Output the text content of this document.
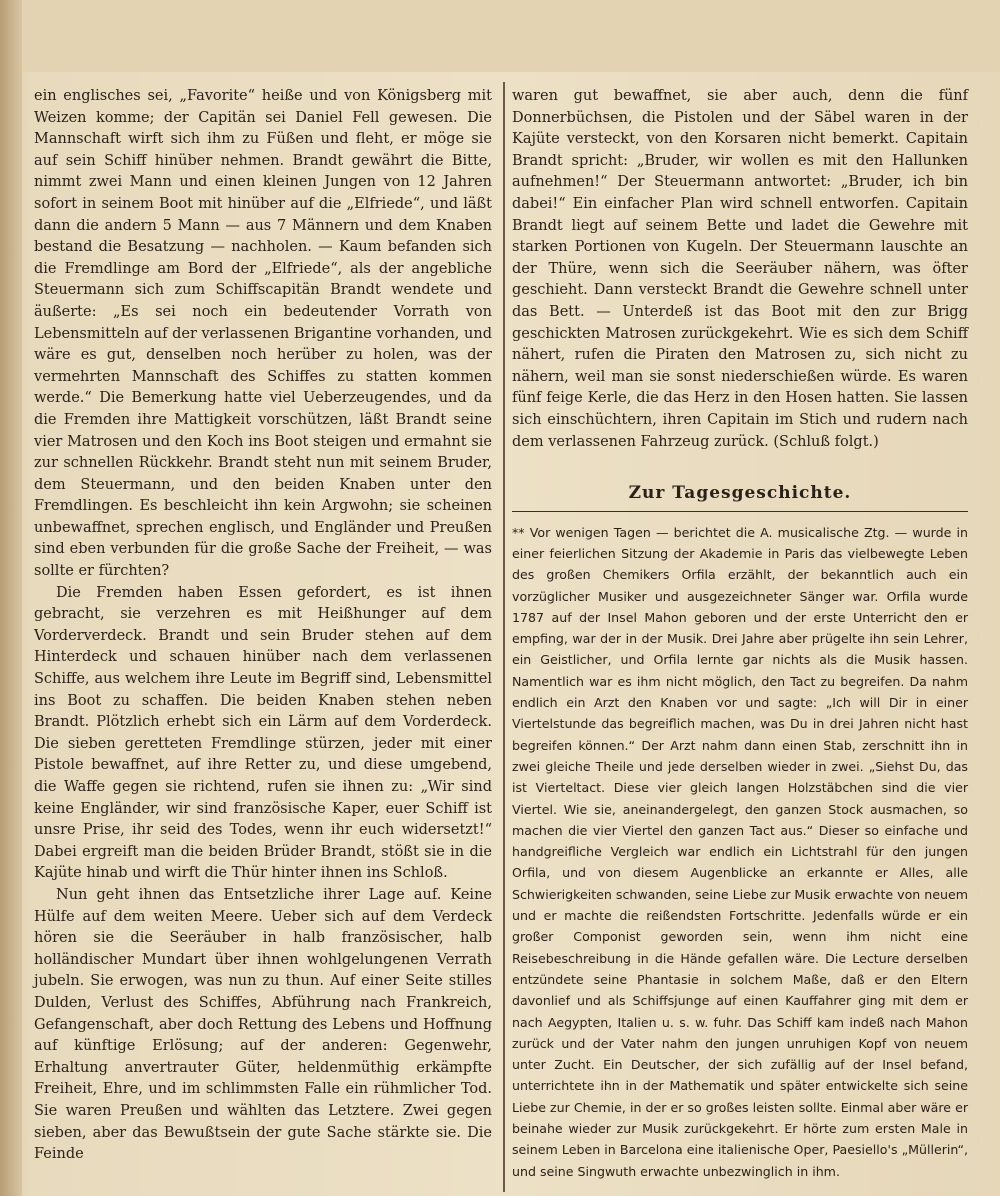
ein englisches sei, „Favorite“ heiße und von Königsberg mit Weizen komme; der Capitän sei Daniel Fell gewesen. Die Mannschaft wirft sich ihm zu Füßen und fleht, er möge sie auf sein Schiff hinüber nehmen. Brandt gewährt die Bitte, nimmt zwei Mann und einen kleinen Jungen von 12 Jahren sofort in seinem Boot mit hinüber auf die „Elfriede“, und läßt dann die andern 5 Mann — aus 7 Männern und dem Knaben bestand die Besatzung — nachholen. — Kaum befanden sich die Fremdlinge am Bord der „Elfriede“, als der angebliche Steuermann sich zum Schiffscapitän Brandt wendete und äußerte: „Es sei noch ein bedeutender Vorrath von Lebensmitteln auf der verlassenen Brigantine vorhanden, und wäre es gut, denselben noch herüber zu holen, was der vermehrten Mannschaft des Schiffes zu statten kommen werde.“ Die Bemerkung hatte viel Ueberzeugendes, und da die Fremden ihre Mattigkeit vorschützen, läßt Brandt seine vier Matrosen und den Koch ins Boot steigen und ermahnt sie zur schnellen Rückkehr. Brandt steht nun mit seinem Bruder, dem Steuermann, und den beiden Knaben unter den Fremdlingen. Es beschleicht ihn kein Argwohn; sie scheinen unbewaffnet, sprechen englisch, und Engländer und Preußen sind eben verbunden für die große Sache der Freiheit, — was sollte er fürchten?

Die Fremden haben Essen gefordert, es ist ihnen gebracht, sie verzehren es mit Heißhunger auf dem Vorderverdeck. Brandt und sein Bruder stehen auf dem Hinterdeck und schauen hinüber nach dem verlassenen Schiffe, aus welchem ihre Leute im Begriff sind, Lebensmittel ins Boot zu schaffen. Die beiden Knaben stehen neben Brandt. Plötzlich erhebt sich ein Lärm auf dem Vorderdeck. Die sieben geretteten Fremdlinge stürzen, jeder mit einer Pistole bewaffnet, auf ihre Retter zu, und diese umgebend, die Waffe gegen sie richtend, rufen sie ihnen zu: „Wir sind keine Engländer, wir sind französische Kaper, euer Schiff ist unsre Prise, ihr seid des Todes, wenn ihr euch widersetzt!“ Dabei ergreift man die beiden Brüder Brandt, stößt sie in die Kajüte hinab und wirft die Thür hinter ihnen ins Schloß.

Nun geht ihnen das Entsetzliche ihrer Lage auf. Keine Hülfe auf dem weiten Meere. Ueber sich auf dem Verdeck hören sie die Seeräuber in halb französischer, halb holländischer Mundart über ihnen wohlgelungenen Verrath jubeln. Sie erwogen, was nun zu thun. Auf einer Seite stilles Dulden, Verlust des Schiffes, Abführung nach Frankreich, Gefangenschaft, aber doch Rettung des Lebens und Hoffnung auf künftige Erlösung; auf der anderen: Gegenwehr, Erhaltung anvertrauter Güter, heldenmüthig erkämpfte Freiheit, Ehre, und im schlimmsten Falle ein rühmlicher Tod. Sie waren Preußen und wählten das Letztere. Zwei gegen sieben, aber das Bewußtsein der gute Sache stärkte sie. Die Feinde

waren gut bewaffnet, sie aber auch, denn die fünf Donnerbüchsen, die Pistolen und der Säbel waren in der Kajüte versteckt, von den Korsaren nicht bemerkt. Capitain Brandt spricht: „Bruder, wir wollen es mit den Hallunken aufnehmen!“ Der Steuermann antwortet: „Bruder, ich bin dabei!“ Ein einfacher Plan wird schnell entworfen. Capitain Brandt liegt auf seinem Bette und ladet die Gewehre mit starken Portionen von Kugeln. Der Steuermann lauschte an der Thüre, wenn sich die Seeräuber nähern, was öfter geschieht. Dann versteckt Brandt die Gewehre schnell unter das Bett. — Unterdeß ist das Boot mit den zur Brigg geschickten Matrosen zurückgekehrt. Wie es sich dem Schiff nähert, rufen die Piraten den Matrosen zu, sich nicht zu nähern, weil man sie sonst niederschießen würde. Es waren fünf feige Kerle, die das Herz in den Hosen hatten. Sie lassen sich einschüchtern, ihren Capitain im Stich und rudern nach dem verlassenen Fahrzeug zurück. (Schluß folgt.)

Zur Tagesgeschichte.

** Vor wenigen Tagen — berichtet die A. musicalische Ztg. — wurde in einer feierlichen Sitzung der Akademie in Paris das vielbewegte Leben des großen Chemikers Orfila erzählt, der bekanntlich auch ein vorzüglicher Musiker und ausgezeichneter Sänger war. Orfila wurde 1787 auf der Insel Mahon geboren und der erste Unterricht den er empfing, war der in der Musik. Drei Jahre aber prügelte ihn sein Lehrer, ein Geistlicher, und Orfila lernte gar nichts als die Musik hassen. Namentlich war es ihm nicht möglich, den Tact zu begreifen. Da nahm endlich ein Arzt den Knaben vor und sagte: „Ich will Dir in einer Viertelstunde das begreiflich machen, was Du in drei Jahren nicht hast begreifen können.“ Der Arzt nahm dann einen Stab, zerschnitt ihn in zwei gleiche Theile und jede derselben wieder in zwei. „Siehst Du, das ist Vierteltact. Diese vier gleich langen Holzstäbchen sind die vier Viertel. Wie sie, aneinandergelegt, den ganzen Stock ausmachen, so machen die vier Viertel den ganzen Tact aus.“ Dieser so einfache und handgreifliche Vergleich war endlich ein Lichtstrahl für den jungen Orfila, und von diesem Augenblicke an erkannte er Alles, alle Schwierigkeiten schwanden, seine Liebe zur Musik erwachte von neuem und er machte die reißendsten Fortschritte. Jedenfalls würde er ein großer Componist geworden sein, wenn ihm nicht eine Reisebeschreibung in die Hände gefallen wäre. Die Lecture derselben entzündete seine Phantasie in solchem Maße, daß er den Eltern davonlief und als Schiffsjunge auf einen Kauffahrer ging mit dem er nach Aegypten, Italien u. s. w. fuhr. Das Schiff kam indeß nach Mahon zurück und der Vater nahm den jungen unruhigen Kopf von neuem unter Zucht. Ein Deutscher, der sich zufällig auf der Insel befand, unterrichtete ihn in der Mathematik und später entwickelte sich seine Liebe zur Chemie, in der er so großes leisten sollte. Einmal aber wäre er beinahe wieder zur Musik zurückgekehrt. Er hörte zum ersten Male in seinem Leben in Barcelona eine italienische Oper, Paesiello's „Müllerin“, und seine Singwuth erwachte unbezwinglich in ihm.
